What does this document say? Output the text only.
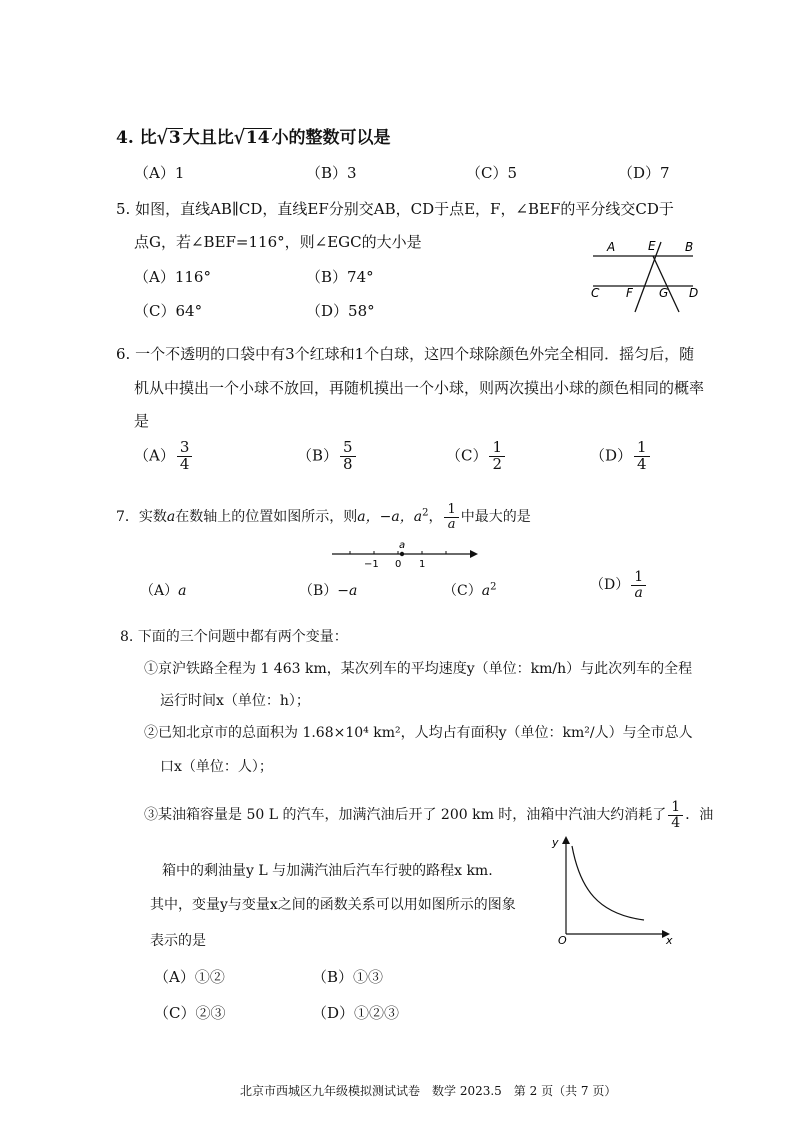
4. 比√3 大且比√14 小的整数可以是
（A）1	（B）3	（C）5	（D）7
5. 如图，直线AB∥CD，直线EF分别交AB，CD于点E，F，∠BEF的平分线交CD于
点G，若∠BEF=116°，则∠EGC的大小是
（A）116°	（B）74°
（C）64°	（D）58°
A	E
C F G
B
D
6. 一个不透明的口袋中有3个红球和1个白球，这四个球除颜色外完全相同．摇匀后，随
机从中摸出一个小球不放回，再随机摸出一个小球，则两次摸出小球的颜色相同的概率
是
$(A) \frac{3}{4}$	$(B) \frac{5}{8}$	$(C) \frac{1}{2}$	$(D) \frac{1}{4}$
7．实数a在数轴上的位置如图所示，则a，−a，$a^2$， $\frac{1}{a}$ 中最大的是
a
−1 0 1
（A）a	（B）−a	$(C)a^2$	$(D) \frac{1}{a}$
8. 下面的三个问题中都有两个变量：
①京沪铁路全程为 1 463 km，某次列车的平均速度y（单位：km/h）与此次列车的全程
运行时间x（单位：h）；
②已知北京市的总面积为 1.68×10⁴ km²，人均占有面积y（单位：km²/人）与全市总人
口x（单位：人）；
③某油箱容量是 50 L 的汽车，加满汽油后开了 200 km 时，油箱中汽油大约消耗了 $\frac{1}{4}$ ．油
箱中的剩油量y L 与加满汽油后汽车行驶的路程x km.
其中，变量y与变量x之间的函数关系可以用如图所示的图象
表示的是
y
x
O
（A）①②	（B）①③
（C）②③	（D）①②③
北京市西城区九年级模拟测试试卷　数学 2023.5　第 2 页（共 7 页）
